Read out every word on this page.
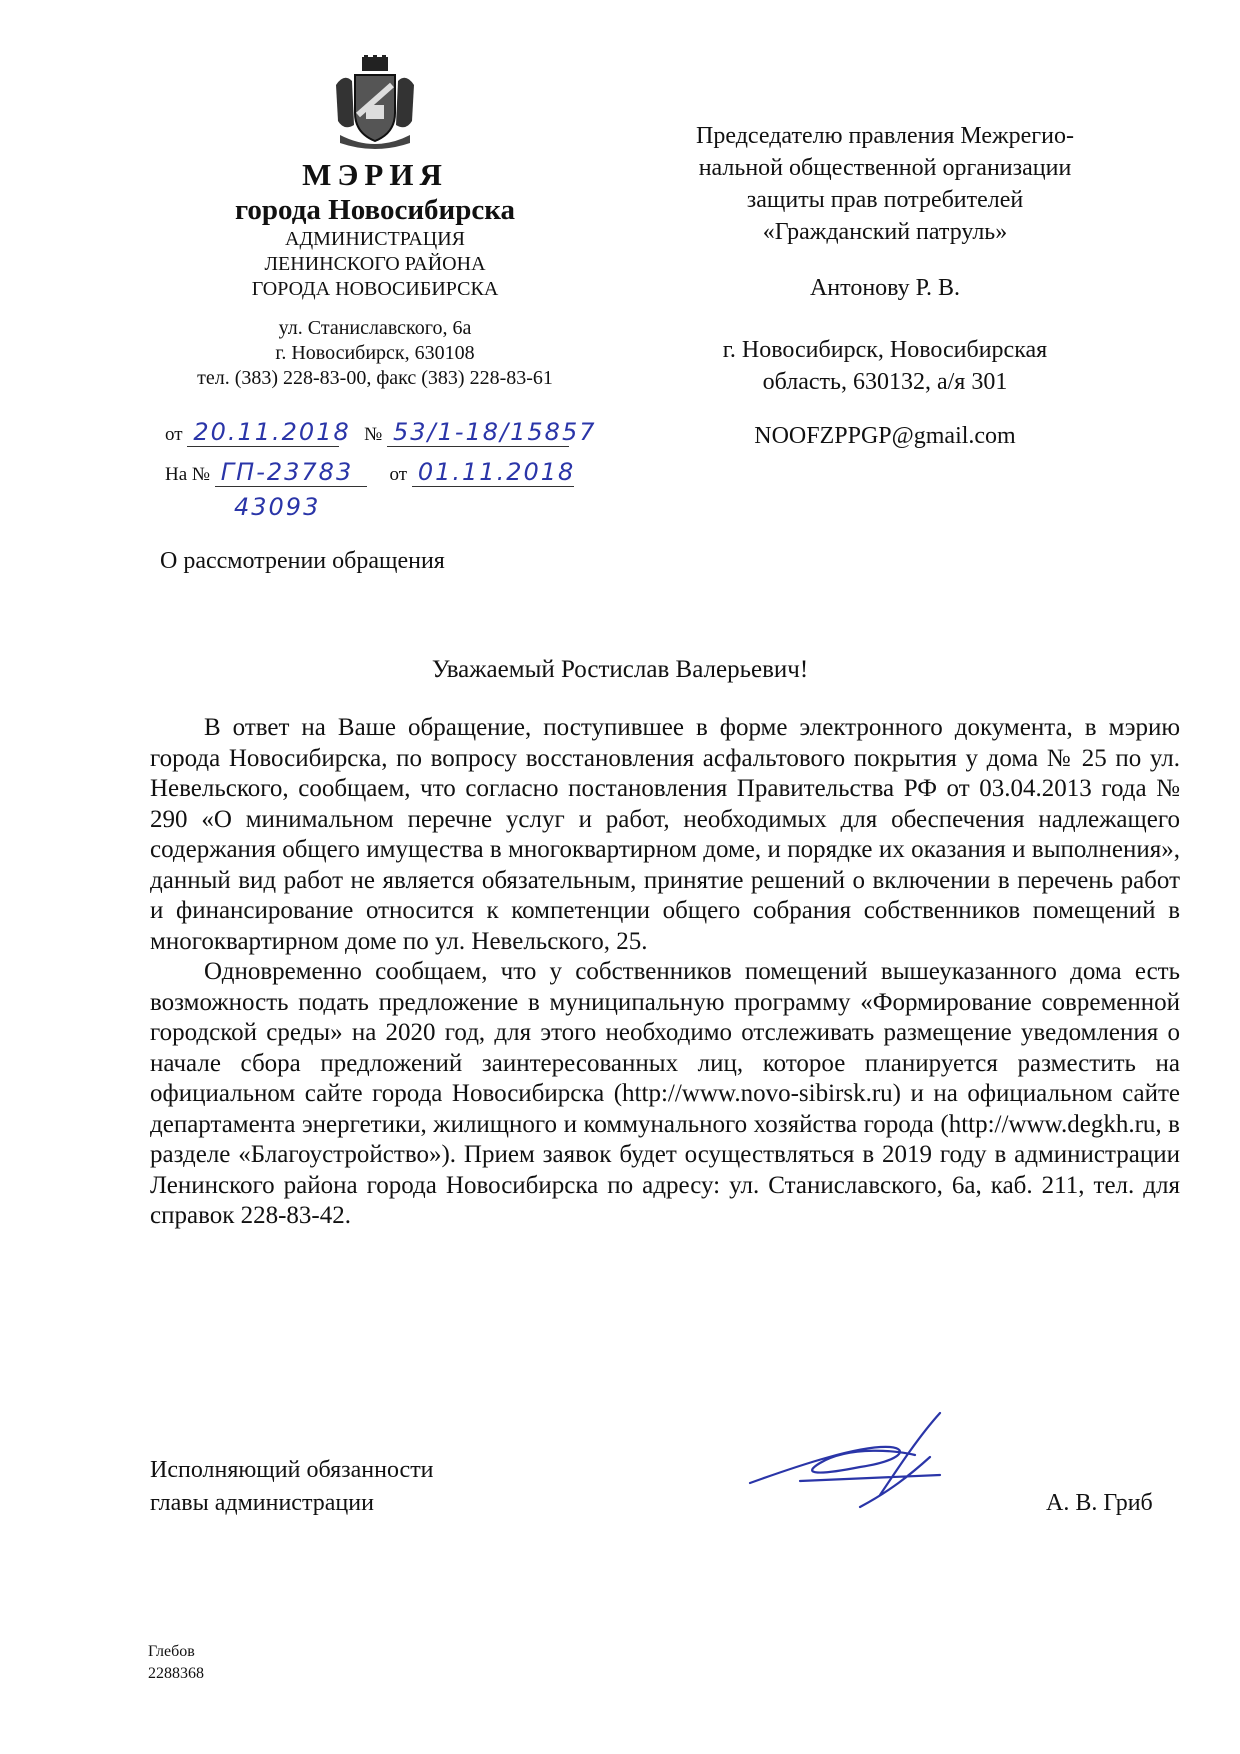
МЭРИЯ
города Новосибирска
АДМИНИСТРАЦИЯ
ЛЕНИНСКОГО РАЙОНА
ГОРОДА НОВОСИБИРСКА
ул. Станиславского, 6а
г. Новосибирск, 630108
тел. (383) 228-83-00, факс (383) 228-83-61
от 20.11.2018 № 53/1-18/15857
На № ГП-23783 от 01.11.2018
43093
Председателю правления Межрегио-
нальной общественной организации
защиты прав потребителей
«Гражданский патруль»
Антонову Р. В.
г. Новосибирск, Новосибирская
область, 630132, а/я 301
NOOFZPPGP@gmail.com
О рассмотрении обращения
Уважаемый Ростислав Валерьевич!

В ответ на Ваше обращение, поступившее в форме электронного документа, в мэрию города Новосибирска, по вопросу восстановления асфальтового покрытия у дома № 25 по ул. Невельского, сообщаем, что согласно постановления Правительства РФ от 03.04.2013 года № 290 «О минимальном перечне услуг и работ, необходимых для обеспечения надлежащего содержания общего имущества в многоквартирном доме, и порядке их оказания и выполнения», данный вид работ не является обязательным, принятие решений о включении в перечень работ и финансирование относится к компетенции общего собрания собственников помещений в многоквартирном доме по ул. Невельского, 25.

Одновременно сообщаем, что у собственников помещений вышеуказанного дома есть возможность подать предложение в муниципальную программу «Формирование современной городской среды» на 2020 год, для этого необходимо отслеживать размещение уведомления о начале сбора предложений заинтересованных лиц, которое планируется разместить на официальном сайте города Новосибирска (http://www.novo-sibirsk.ru) и на официальном сайте департамента энергетики, жилищного и коммунального хозяйства города (http://www.degkh.ru, в разделе «Благоустройство»). Прием заявок будет осуществляться в 2019 году в администрации Ленинского района города Новосибирска по адресу: ул. Станиславского, 6а, каб. 211, тел. для справок 228-83-42.

Исполняющий обязанности
главы администрации	А. В. Гриб
Глебов
2288368
